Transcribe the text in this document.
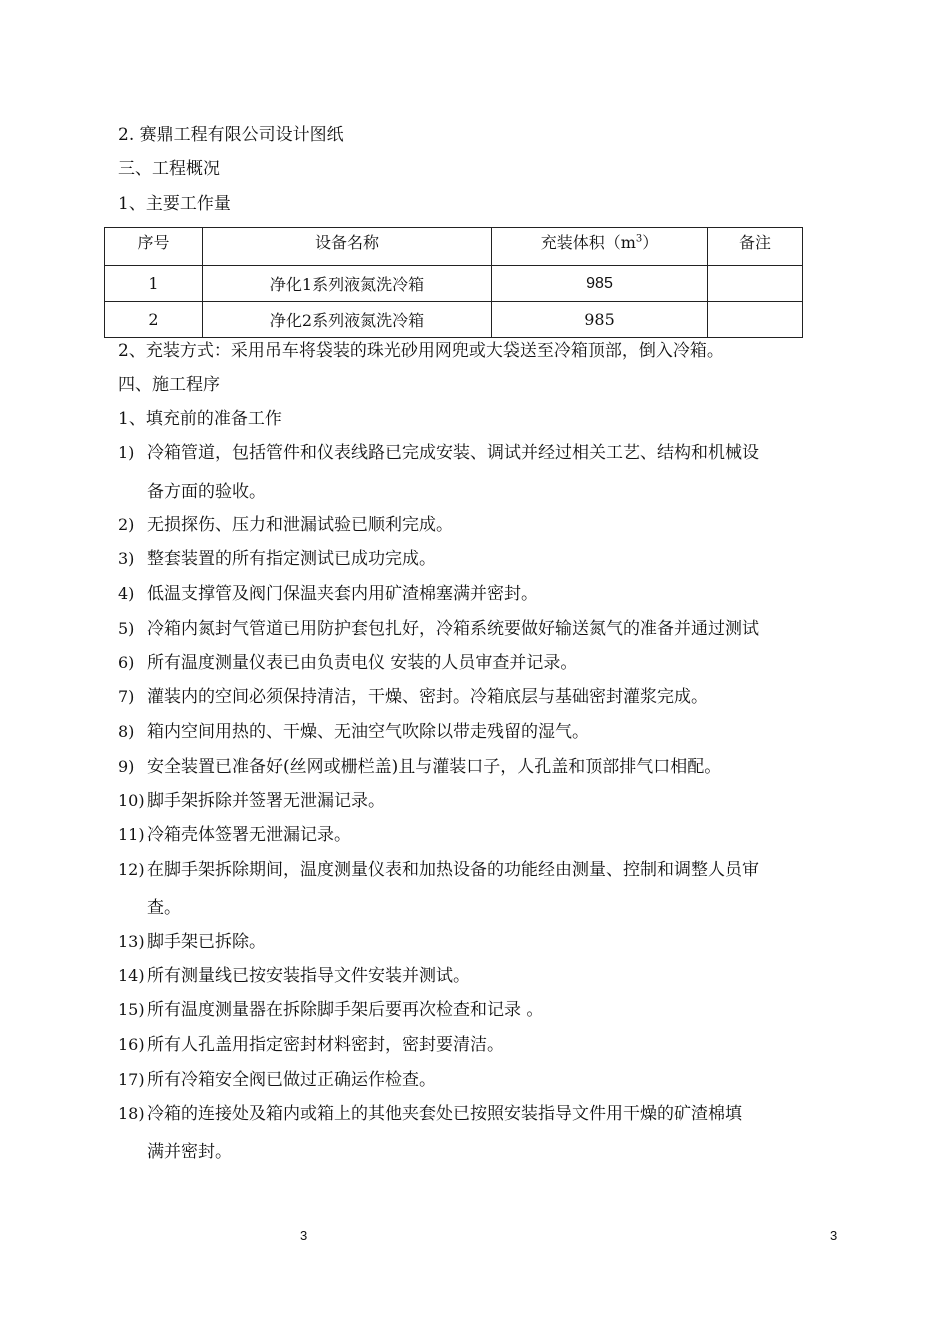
2. 赛鼎工程有限公司设计图纸
三、工程概况
1、主要工作量
序号	设备名称	充装体积$(m^3)$	备注
1	净化1系列液氮洗冷箱	985	
2	净化2系列液氮洗冷箱	985	
2、充装方式：采用吊车将袋装的珠光砂用网兜或大袋送至冷箱顶部，倒入冷箱。
四、施工程序
1、填充前的准备工作
1) 冷箱管道，包括管件和仪表线路已完成安装、调试并经过相关工艺、结构和机械设
备方面的验收。
2) 无损探伤、压力和泄漏试验已顺利完成。
3) 整套装置的所有指定测试已成功完成。
4) 低温支撑管及阀门保温夹套内用矿渣棉塞满并密封。
5) 冷箱内氮封气管道已用防护套包扎好，冷箱系统要做好输送氮气的准备并通过测试
6) 所有温度测量仪表已由负责电仪 安装的人员审查并记录。
7) 灌装内的空间必须保持清洁，干燥、密封。冷箱底层与基础密封灌浆完成。
8) 箱内空间用热的、干燥、无油空气吹除以带走残留的湿气。
9) 安全装置已准备好(丝网或栅栏盖)且与灌装口子，人孔盖和顶部排气口相配。
10) 脚手架拆除并签署无泄漏记录。
11) 冷箱壳体签署无泄漏记录。
12) 在脚手架拆除期间，温度测量仪表和加热设备的功能经由测量、控制和调整人员审
查。
13) 脚手架已拆除。
14) 所有测量线已按安装指导文件安装并测试。
15) 所有温度测量器在拆除脚手架后要再次检查和记录 。
16) 所有人孔盖用指定密封材料密封，密封要清洁。
17) 所有冷箱安全阀已做过正确运作检查。
18) 冷箱的连接处及箱内或箱上的其他夹套处已按照安装指导文件用干燥的矿渣棉填
满并密封。
3	3
